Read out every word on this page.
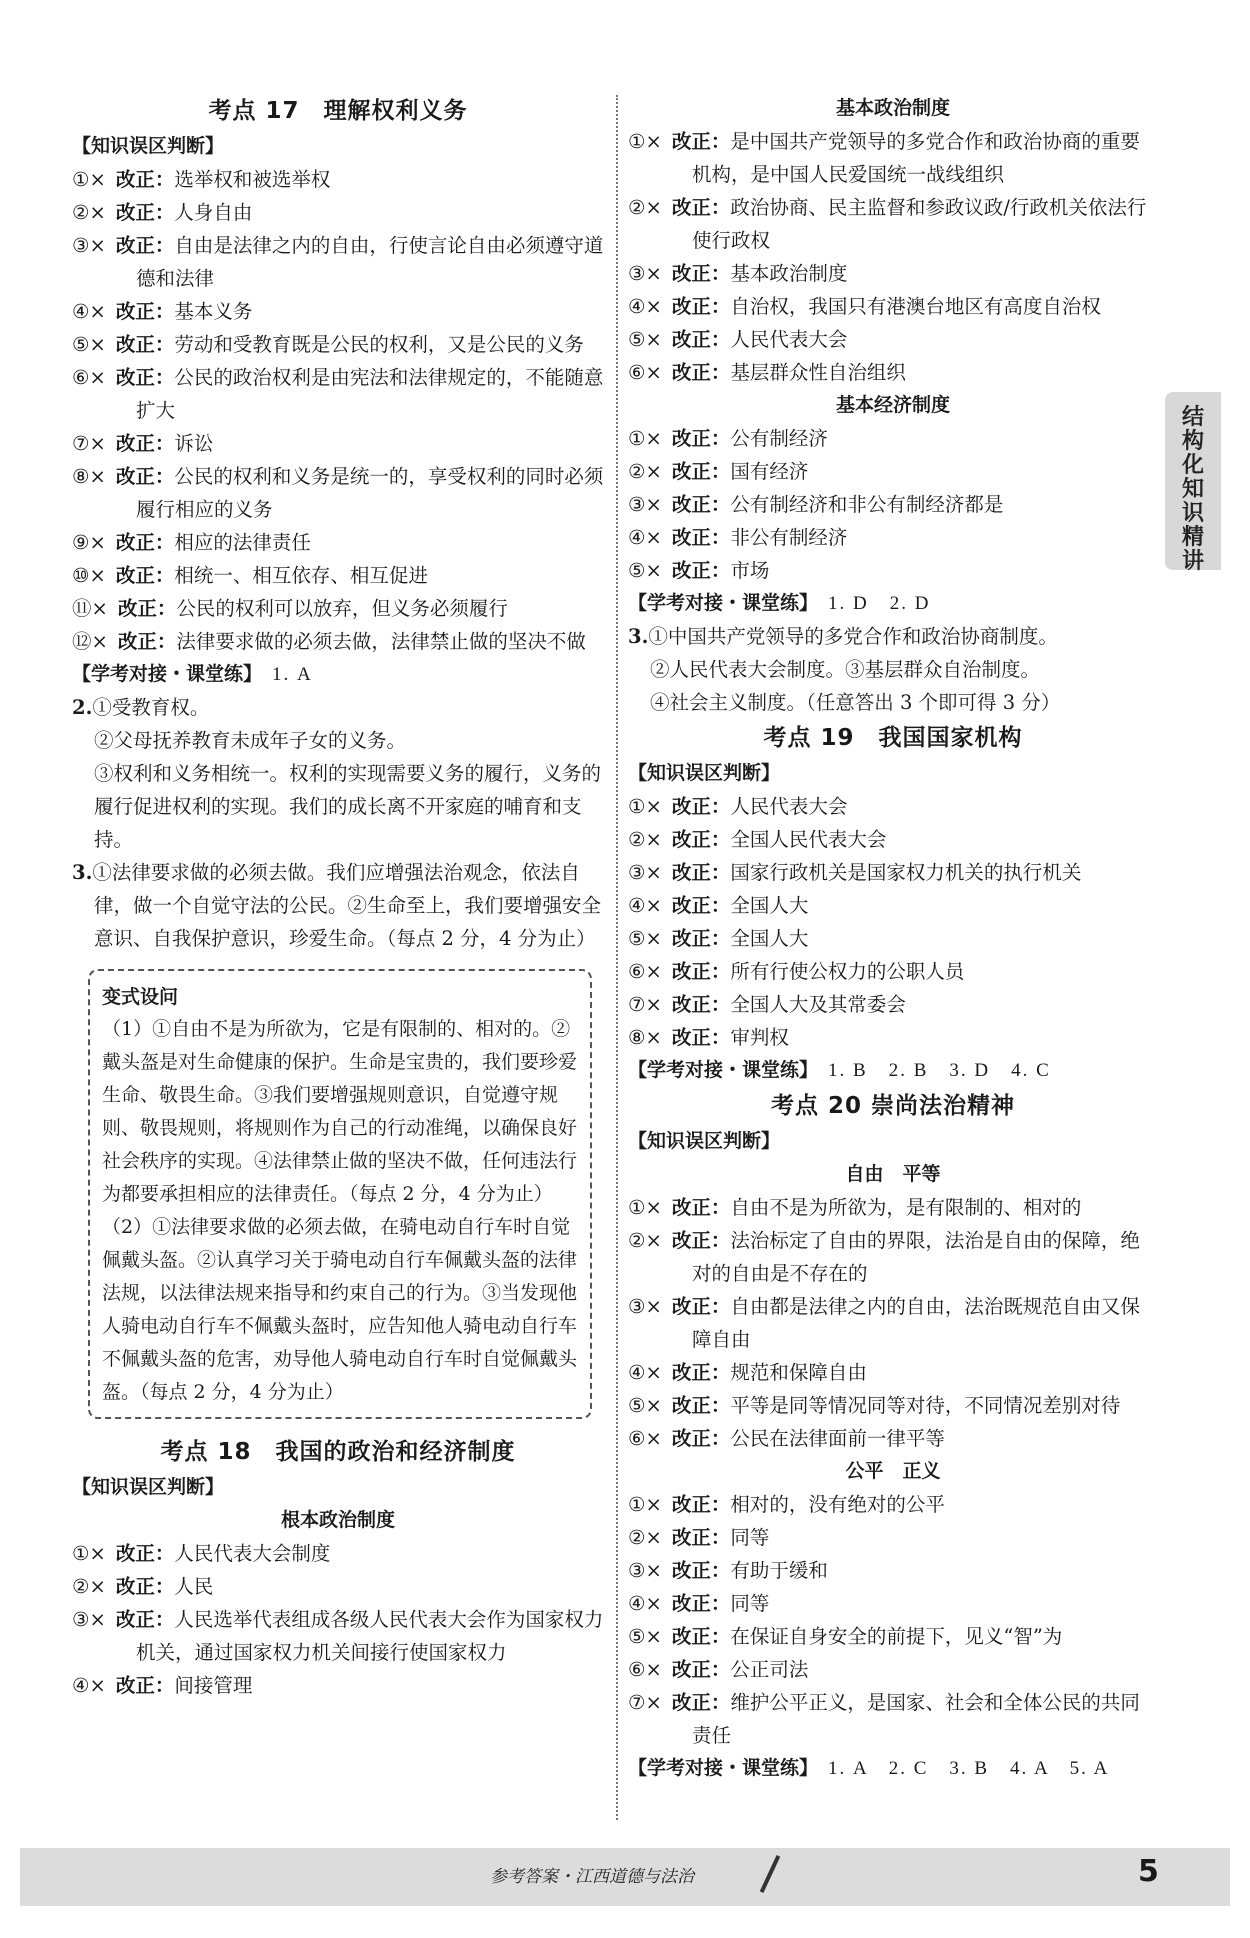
考点 17　理解权利义务
【知识误区判断】
①× 改正：选举权和被选举权
②× 改正：人身自由
③× 改正：自由是法律之内的自由，行使言论自由必须遵守道德和法律
④× 改正：基本义务
⑤× 改正：劳动和受教育既是公民的权利，又是公民的义务
⑥× 改正：公民的政治权利是由宪法和法律规定的，不能随意扩大
⑦× 改正：诉讼
⑧× 改正：公民的权利和义务是统一的，享受权利的同时必须履行相应的义务
⑨× 改正：相应的法律责任
⑩× 改正：相统一、相互依存、相互促进
⑪× 改正：公民的权利可以放弃，但义务必须履行
⑫× 改正：法律要求做的必须去做，法律禁止做的坚决不做
【学考对接・课堂练】 1. A
2.①受教育权。
②父母抚养教育未成年子女的义务。
③权利和义务相统一。权利的实现需要义务的履行，义务的履行促进权利的实现。我们的成长离不开家庭的哺育和支持。
3.①法律要求做的必须去做。我们应增强法治观念，依法自律，做一个自觉守法的公民。②生命至上，我们要增强安全意识、自我保护意识，珍爱生命。（每点 2 分，4 分为止）
变式设问
（1）①自由不是为所欲为，它是有限制的、相对的。②戴头盔是对生命健康的保护。生命是宝贵的，我们要珍爱生命、敬畏生命。③我们要增强规则意识，自觉遵守规则、敬畏规则，将规则作为自己的行动准绳，以确保良好社会秩序的实现。④法律禁止做的坚决不做，任何违法行为都要承担相应的法律责任。（每点 2 分，4 分为止）
（2）①法律要求做的必须去做，在骑电动自行车时自觉佩戴头盔。②认真学习关于骑电动自行车佩戴头盔的法律法规，以法律法规来指导和约束自己的行为。③当发现他人骑电动自行车不佩戴头盔时，应告知他人骑电动自行车不佩戴头盔的危害，劝导他人骑电动自行车时自觉佩戴头盔。（每点 2 分，4 分为止）
考点 18　我国的政治和经济制度
【知识误区判断】
根本政治制度
①× 改正：人民代表大会制度
②× 改正：人民
③× 改正：人民选举代表组成各级人民代表大会作为国家权力机关，通过国家权力机关间接行使国家权力
④× 改正：间接管理
基本政治制度
①× 改正：是中国共产党领导的多党合作和政治协商的重要机构，是中国人民爱国统一战线组织
②× 改正：政治协商、民主监督和参政议政/行政机关依法行使行政权
③× 改正：基本政治制度
④× 改正：自治权，我国只有港澳台地区有高度自治权
⑤× 改正：人民代表大会
⑥× 改正：基层群众性自治组织
基本经济制度
①× 改正：公有制经济
②× 改正：国有经济
③× 改正：公有制经济和非公有制经济都是
④× 改正：非公有制经济
⑤× 改正：市场
【学考对接・课堂练】 1. D　2. D
3.①中国共产党领导的多党合作和政治协商制度。
②人民代表大会制度。③基层群众自治制度。
④社会主义制度。（任意答出 3 个即可得 3 分）
考点 19　我国国家机构
【知识误区判断】
①× 改正：人民代表大会
②× 改正：全国人民代表大会
③× 改正：国家行政机关是国家权力机关的执行机关
④× 改正：全国人大
⑤× 改正：全国人大
⑥× 改正：所有行使公权力的公职人员
⑦× 改正：全国人大及其常委会
⑧× 改正：审判权
【学考对接・课堂练】 1. B　2. B　3. D　4. C
考点 20 崇尚法治精神
【知识误区判断】
自由　平等
①× 改正：自由不是为所欲为，是有限制的、相对的
②× 改正：法治标定了自由的界限，法治是自由的保障，绝对的自由是不存在的
③× 改正：自由都是法律之内的自由，法治既规范自由又保障自由
④× 改正：规范和保障自由
⑤× 改正：平等是同等情况同等对待，不同情况差别对待
⑥× 改正：公民在法律面前一律平等
公平　正义
①× 改正：相对的，没有绝对的公平
②× 改正：同等
③× 改正：有助于缓和
④× 改正：同等
⑤× 改正：在保证自身安全的前提下，见义“智”为
⑥× 改正：公正司法
⑦× 改正：维护公平正义，是国家、社会和全体公民的共同责任
【学考对接・课堂练】 1. A　2. C　3. B　4. A　5. A
结构化知识精讲
参考答案・江西道德与法治	5
